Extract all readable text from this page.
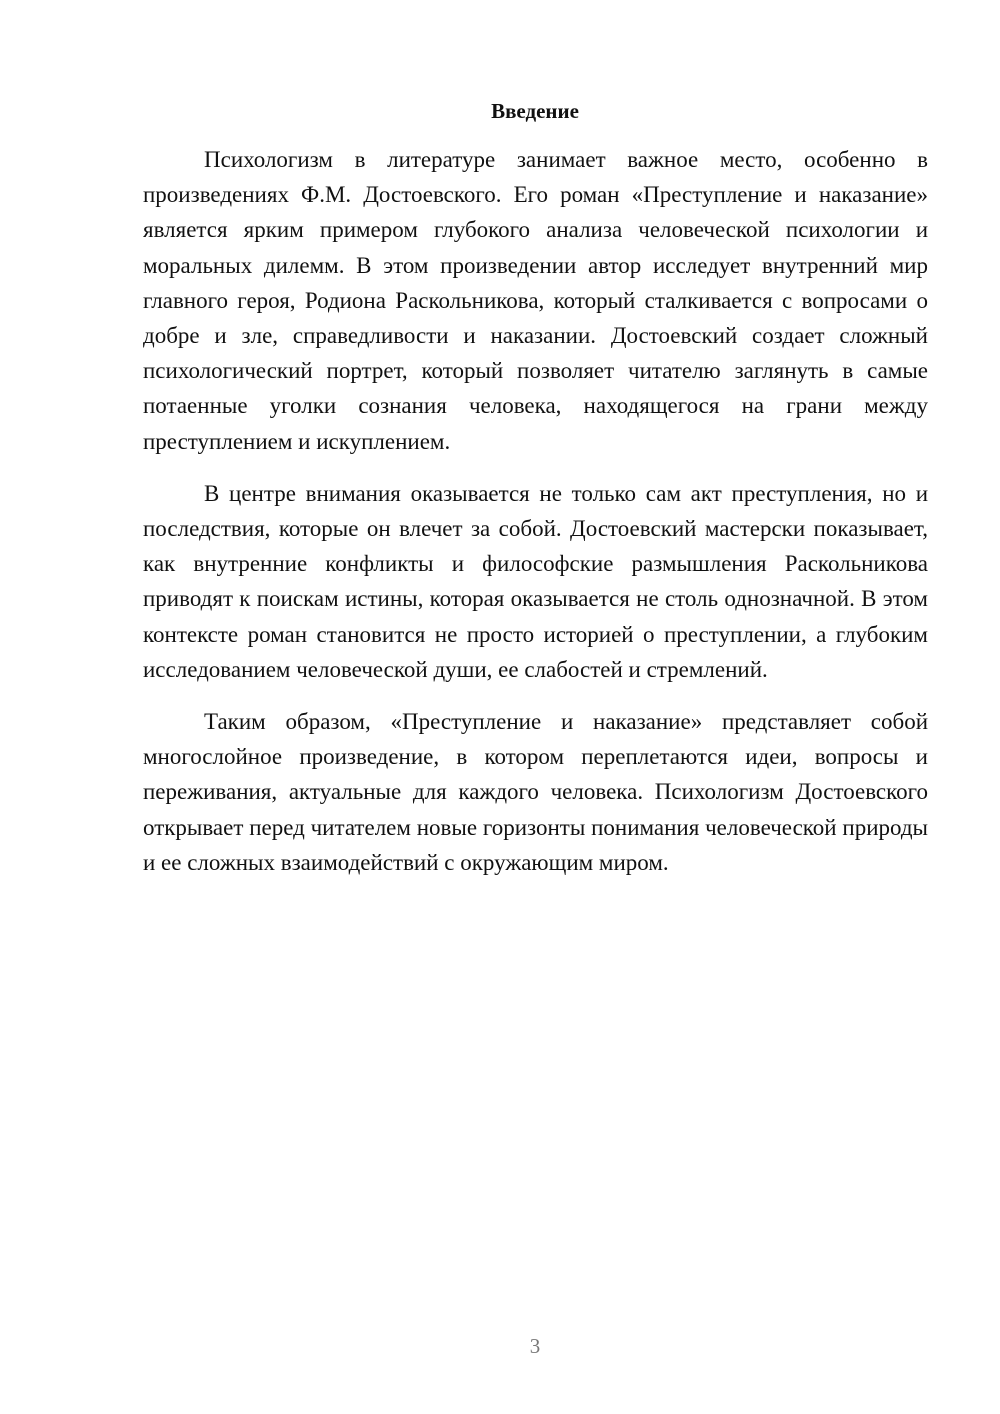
Введение

Психологизм в литературе занимает важное место, особенно в произведениях Ф.М. Достоевского. Его роман «Преступление и наказание» является ярким примером глубокого анализа человеческой психологии и моральных дилемм. В этом произведении автор исследует внутренний мир главного героя, Родиона Раскольникова, который сталкивается с вопросами о добре и зле, справедливости и наказании. Достоевский создает сложный психологический портрет, который позволяет читателю заглянуть в самые потаенные уголки сознания человека, находящегося на грани между преступлением и искуплением.

В центре внимания оказывается не только сам акт преступления, но и последствия, которые он влечет за собой. Достоевский мастерски показывает, как внутренние конфликты и философские размышления Раскольникова приводят к поискам истины, которая оказывается не столь однозначной. В этом контексте роман становится не просто историей о преступлении, а глубоким исследованием человеческой души, ее слабостей и стремлений.

Таким образом, «Преступление и наказание» представляет собой многослойное произведение, в котором переплетаются идеи, вопросы и переживания, актуальные для каждого человека. Психологизм Достоевского открывает перед читателем новые горизонты понимания человеческой природы и ее сложных взаимодействий с окружающим миром.

3
